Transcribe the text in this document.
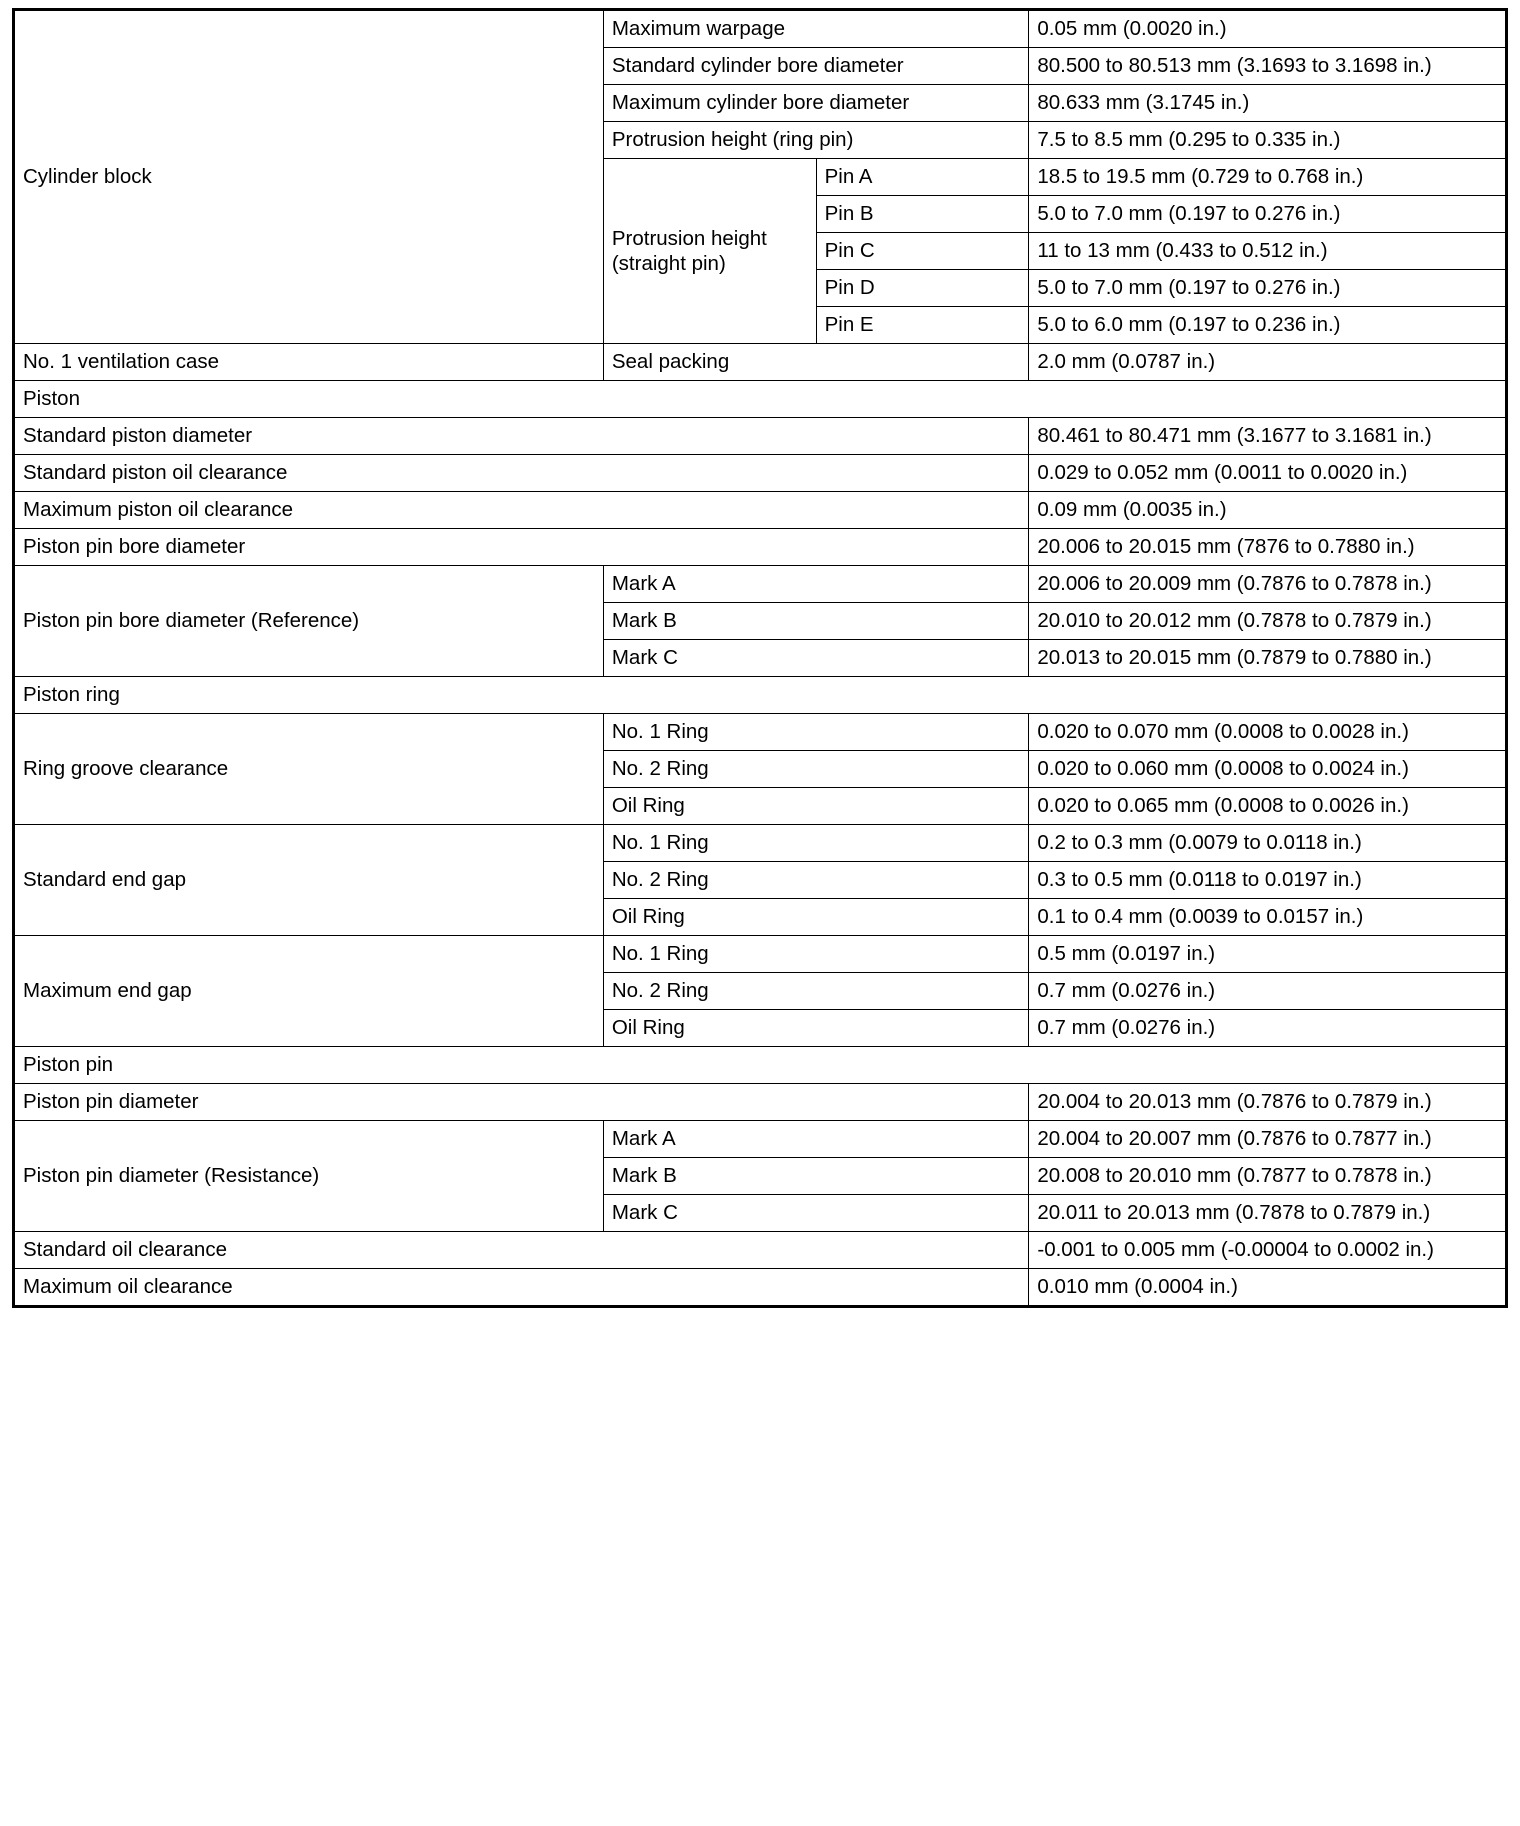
Cylinder block	Maximum warpage		0.05 mm (0.0020 in.)
	Standard cylinder bore diameter		80.500 to 80.513 mm (3.1693 to 3.1698 in.)
	Maximum cylinder bore diameter		80.633 mm (3.1745 in.)
	Protrusion height (ring pin)		7.5 to 8.5 mm (0.295 to 0.335 in.)
	Protrusion height (straight pin)	Pin A	18.5 to 19.5 mm (0.729 to 0.768 in.)
		Pin B	5.0 to 7.0 mm (0.197 to 0.276 in.)
		Pin C	11 to 13 mm (0.433 to 0.512 in.)
		Pin D	5.0 to 7.0 mm (0.197 to 0.276 in.)
		Pin E	5.0 to 6.0 mm (0.197 to 0.236 in.)
No. 1 ventilation case	Seal packing		2.0 mm (0.0787 in.)
Piston			
Standard piston diameter			80.461 to 80.471 mm (3.1677 to 3.1681 in.)
Standard piston oil clearance			0.029 to 0.052 mm (0.0011 to 0.0020 in.)
Maximum piston oil clearance			0.09 mm (0.0035 in.)
Piston pin bore diameter			20.006 to 20.015 mm (7876 to 0.7880 in.)
Piston pin bore diameter (Reference)	Mark A		20.006 to 20.009 mm (0.7876 to 0.7878 in.)
	Mark B		20.010 to 20.012 mm (0.7878 to 0.7879 in.)
	Mark C		20.013 to 20.015 mm (0.7879 to 0.7880 in.)
Piston ring			
Ring groove clearance	No. 1 Ring		0.020 to 0.070 mm (0.0008 to 0.0028 in.)
	No. 2 Ring		0.020 to 0.060 mm (0.0008 to 0.0024 in.)
	Oil Ring		0.020 to 0.065 mm (0.0008 to 0.0026 in.)
Standard end gap	No. 1 Ring		0.2 to 0.3 mm (0.0079 to 0.0118 in.)
	No. 2 Ring		0.3 to 0.5 mm (0.0118 to 0.0197 in.)
	Oil Ring		0.1 to 0.4 mm (0.0039 to 0.0157 in.)
Maximum end gap	No. 1 Ring		0.5 mm (0.0197 in.)
	No. 2 Ring		0.7 mm (0.0276 in.)
	Oil Ring		0.7 mm (0.0276 in.)
Piston pin			
Piston pin diameter			20.004 to 20.013 mm (0.7876 to 0.7879 in.)
Piston pin diameter (Resistance)	Mark A		20.004 to 20.007 mm (0.7876 to 0.7877 in.)
	Mark B		20.008 to 20.010 mm (0.7877 to 0.7878 in.)
	Mark C		20.011 to 20.013 mm (0.7878 to 0.7879 in.)
Standard oil clearance			-0.001 to 0.005 mm (-0.00004 to 0.0002 in.)
Maximum oil clearance			0.010 mm (0.0004 in.)
